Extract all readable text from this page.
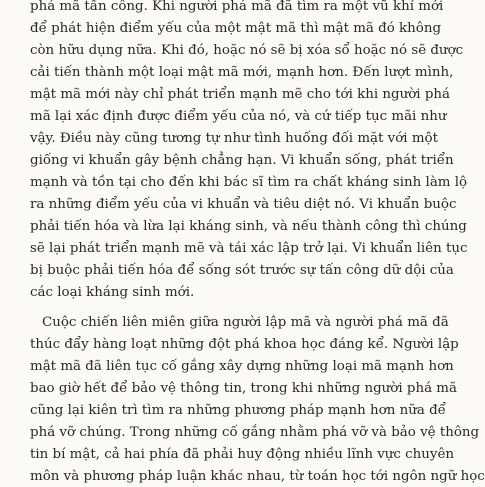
phá mã tấn công. Khi người phá mã đã tìm ra một vũ khí mới
để phát hiện điểm yếu của một mật mã thì mật mã đó không
còn hữu dụng nữa. Khi đó, hoặc nó sẽ bị xóa sổ hoặc nó sẽ được
cải tiến thành một loại mật mã mới, mạnh hơn. Đến lượt mình,
mật mã mới này chỉ phát triển mạnh mẽ cho tới khi người phá
mã lại xác định được điểm yếu của nó, và cứ tiếp tục mãi như
vậy. Điều này cũng tương tự như tình huống đối mặt với một
giống vi khuẩn gây bệnh chẳng hạn. Vi khuẩn sống, phát triển
mạnh và tồn tại cho đến khi bác sĩ tìm ra chất kháng sinh làm lộ
ra những điểm yếu của vi khuẩn và tiêu diệt nó. Vi khuẩn buộc
phải tiến hóa và lừa lại kháng sinh, và nếu thành công thì chúng
sẽ lại phát triển mạnh mẽ và tái xác lập trở lại. Vi khuẩn liên tục
bị buộc phải tiến hóa để sống sót trước sự tấn công dữ dội của
các loại kháng sinh mới.
Cuộc chiến liên miên giữa người lập mã và người phá mã đã
thúc đẩy hàng loạt những đột phá khoa học đáng kể. Người lập
mật mã đã liên tục cố gắng xây dựng những loại mã mạnh hơn
bao giờ hết để bảo vệ thông tin, trong khi những người phá mã
cũng lại kiên trì tìm ra những phương pháp mạnh hơn nữa để
phá vỡ chúng. Trong những cố gắng nhằm phá vỡ và bảo vệ thông
tin bí mật, cả hai phía đã phải huy động nhiều lĩnh vực chuyên
môn và phương pháp luận khác nhau, từ toán học tới ngôn ngữ học
